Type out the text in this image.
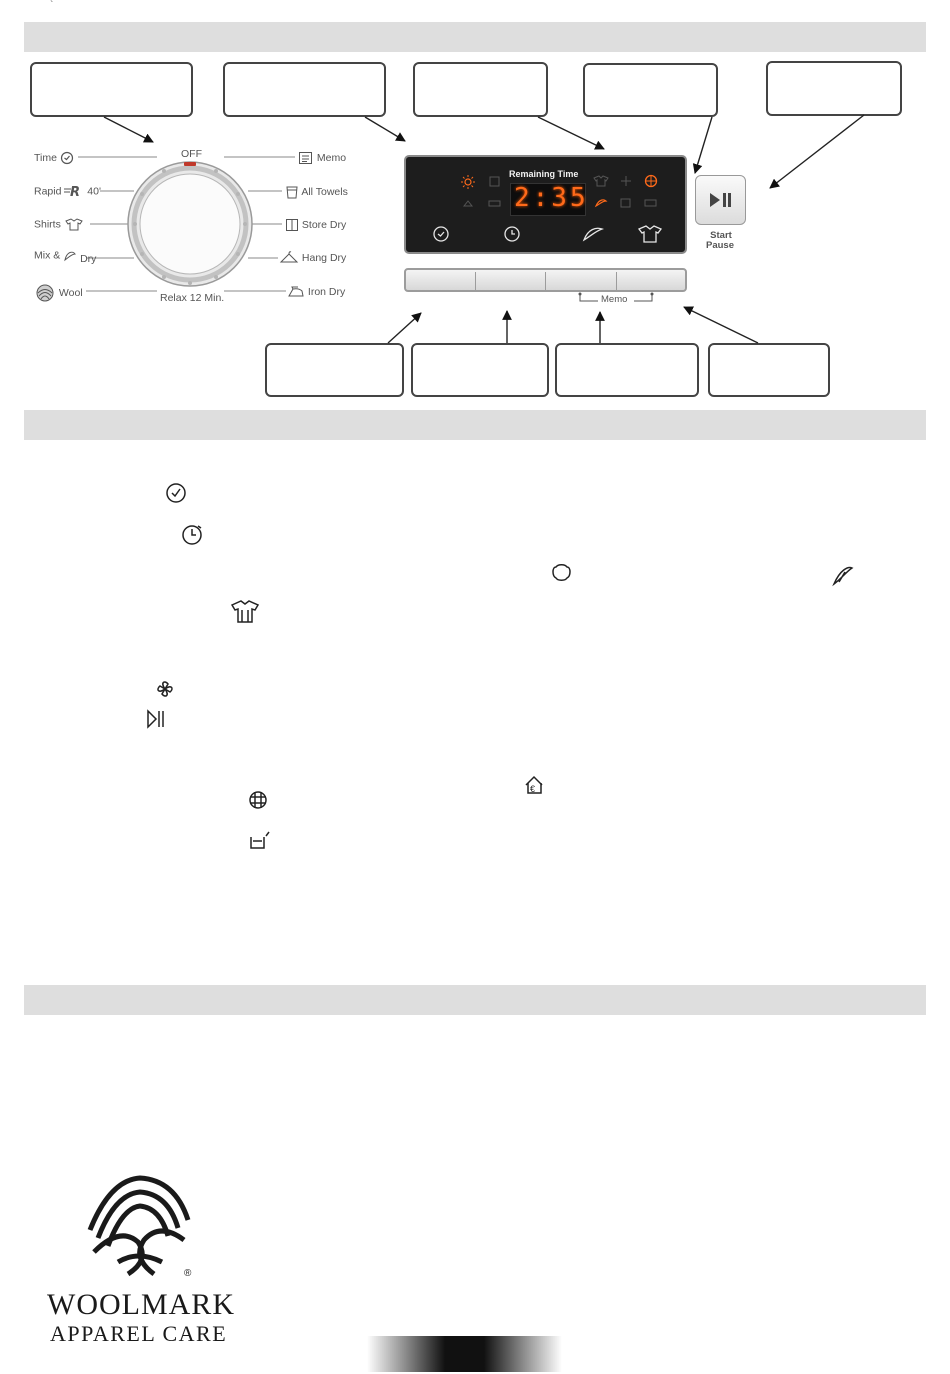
`
OFF
Relax 12 Min.
Time
Rapid R 40'
Shirts
Mix & Dry
Wool
Memo
All Towels
Store Dry
Hang Dry
Iron Dry
Remaining Time
2:35
Start
Pause
Memo
€
®
WOOLMARK
APPAREL CARE
